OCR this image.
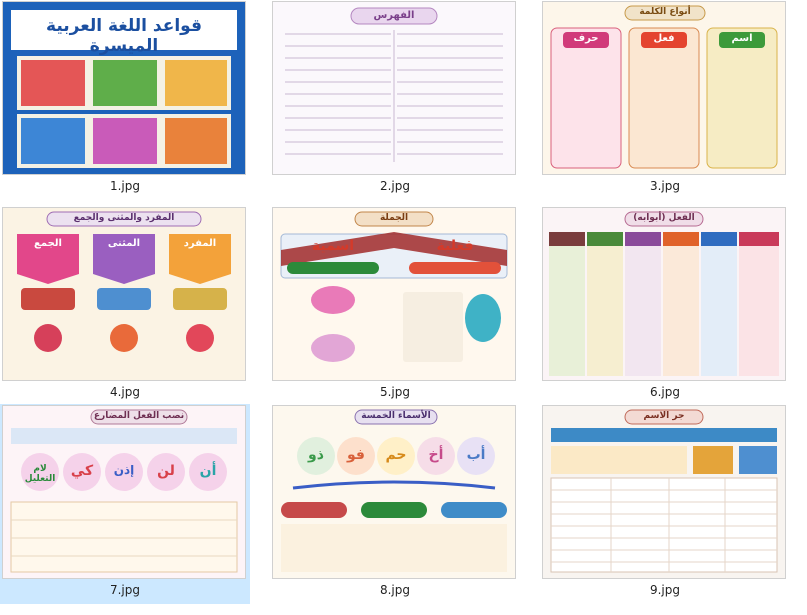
قواعد اللغة العربية الميسرة
1.jpg
الفهرس
2.jpg
أنواع الكلمة
اسم
فعل
حرف
3.jpg
المفرد والمثنى والجمع
المفرد
المثنى
الجمع
4.jpg
الجملة
فعلية
اسمية
5.jpg
الفعل (أبوابه)
6.jpg
نصب الفعل المضارع
أن
لن
إذن
كي
لام التعليل
7.jpg
الأسماء الخمسة
أب
أخ
حم
فو
ذو
8.jpg
جر الاسم
9.jpg
